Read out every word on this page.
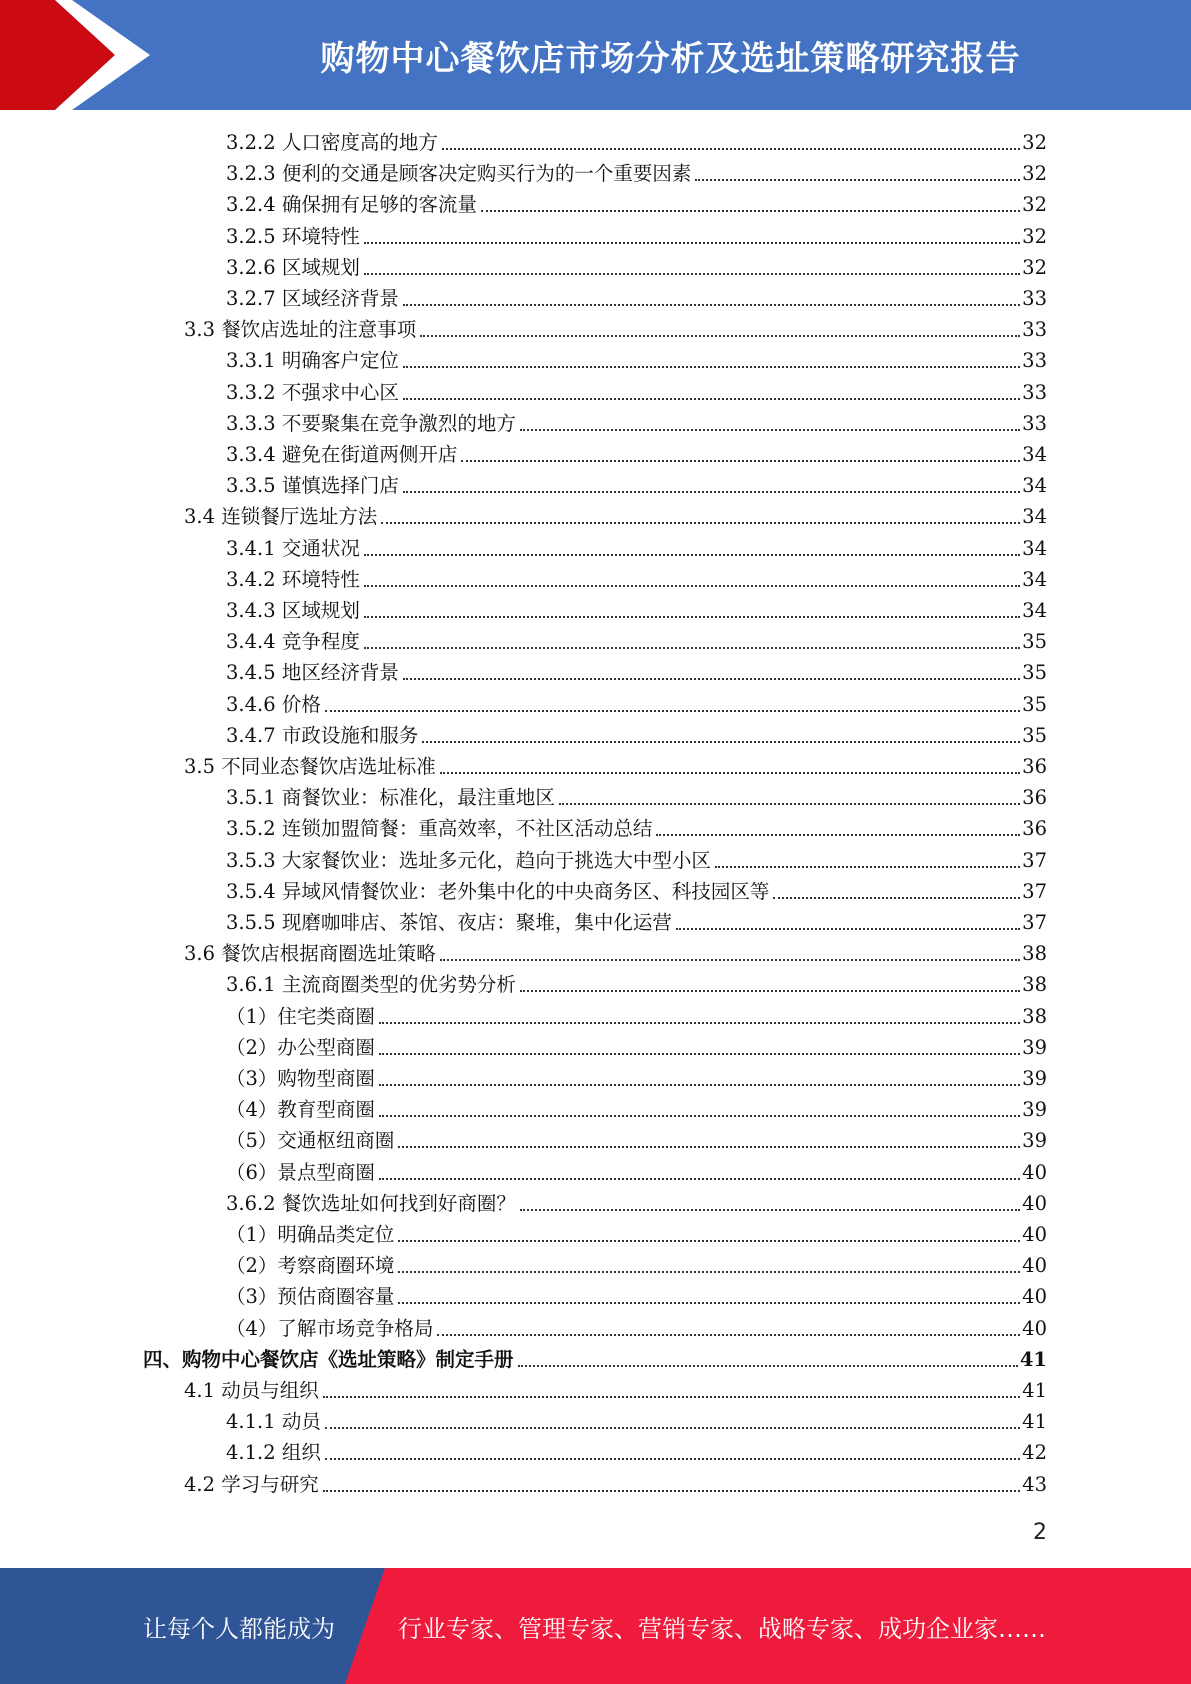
购物中心餐饮店市场分析及选址策略研究报告
3.2.2 人口密度高的地方	32
3.2.3 便利的交通是顾客决定购买行为的一个重要因素	32
3.2.4 确保拥有足够的客流量	32
3.2.5 环境特性	32
3.2.6 区域规划	32
3.2.7 区域经济背景	33
3.3 餐饮店选址的注意事项	33
3.3.1 明确客户定位	33
3.3.2 不强求中心区	33
3.3.3 不要聚集在竞争激烈的地方	33
3.3.4 避免在街道两侧开店	34
3.3.5 谨慎选择门店	34
3.4 连锁餐厅选址方法	34
3.4.1 交通状况	34
3.4.2 环境特性	34
3.4.3 区域规划	34
3.4.4 竞争程度	35
3.4.5 地区经济背景	35
3.4.6 价格	35
3.4.7 市政设施和服务	35
3.5 不同业态餐饮店选址标准	36
3.5.1 商餐饮业：标准化，最注重地区	36
3.5.2 连锁加盟简餐：重高效率，不社区活动总结	36
3.5.3 大家餐饮业：选址多元化，趋向于挑选大中型小区	37
3.5.4 异域风情餐饮业：老外集中化的中央商务区、科技园区等	37
3.5.5 现磨咖啡店、茶馆、夜店：聚堆，集中化运营	37
3.6 餐饮店根据商圈选址策略	38
3.6.1 主流商圈类型的优劣势分析	38
（1）住宅类商圈	38
（2）办公型商圈	39
（3）购物型商圈	39
（4）教育型商圈	39
（5）交通枢纽商圈	39
（6）景点型商圈	40
3.6.2 餐饮选址如何找到好商圈？	40
（1）明确品类定位	40
（2）考察商圈环境	40
（3）预估商圈容量	40
（4）了解市场竞争格局	40
四、购物中心餐饮店《选址策略》制定手册	41
4.1 动员与组织	41
4.1.1 动员	41
4.1.2 组织	42
4.2 学习与研究	43
2
让每个人都能成为	行业专家、管理专家、营销专家、战略专家、成功企业家……
